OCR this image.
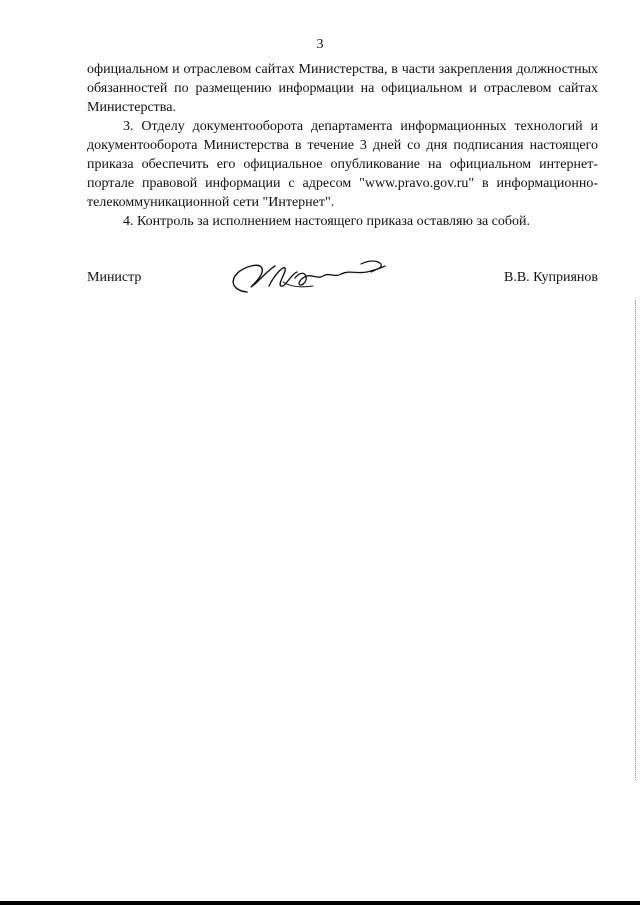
3

официальном и отраслевом сайтах Министерства, в части закрепления должностных обязанностей по размещению информации на официальном и отраслевом сайтах Министерства.

3. Отделу документооборота департамента информационных технологий и документооборота Министерства в течение 3 дней со дня подписания настоящего приказа обеспечить его официальное опубликование на официальном интернет-портале правовой информации с адресом "www.pravo.gov.ru" в информационно-телекоммуникационной сети "Интернет".

4. Контроль за исполнением настоящего приказа оставляю за собой.

Министр	В.В. Куприянов
